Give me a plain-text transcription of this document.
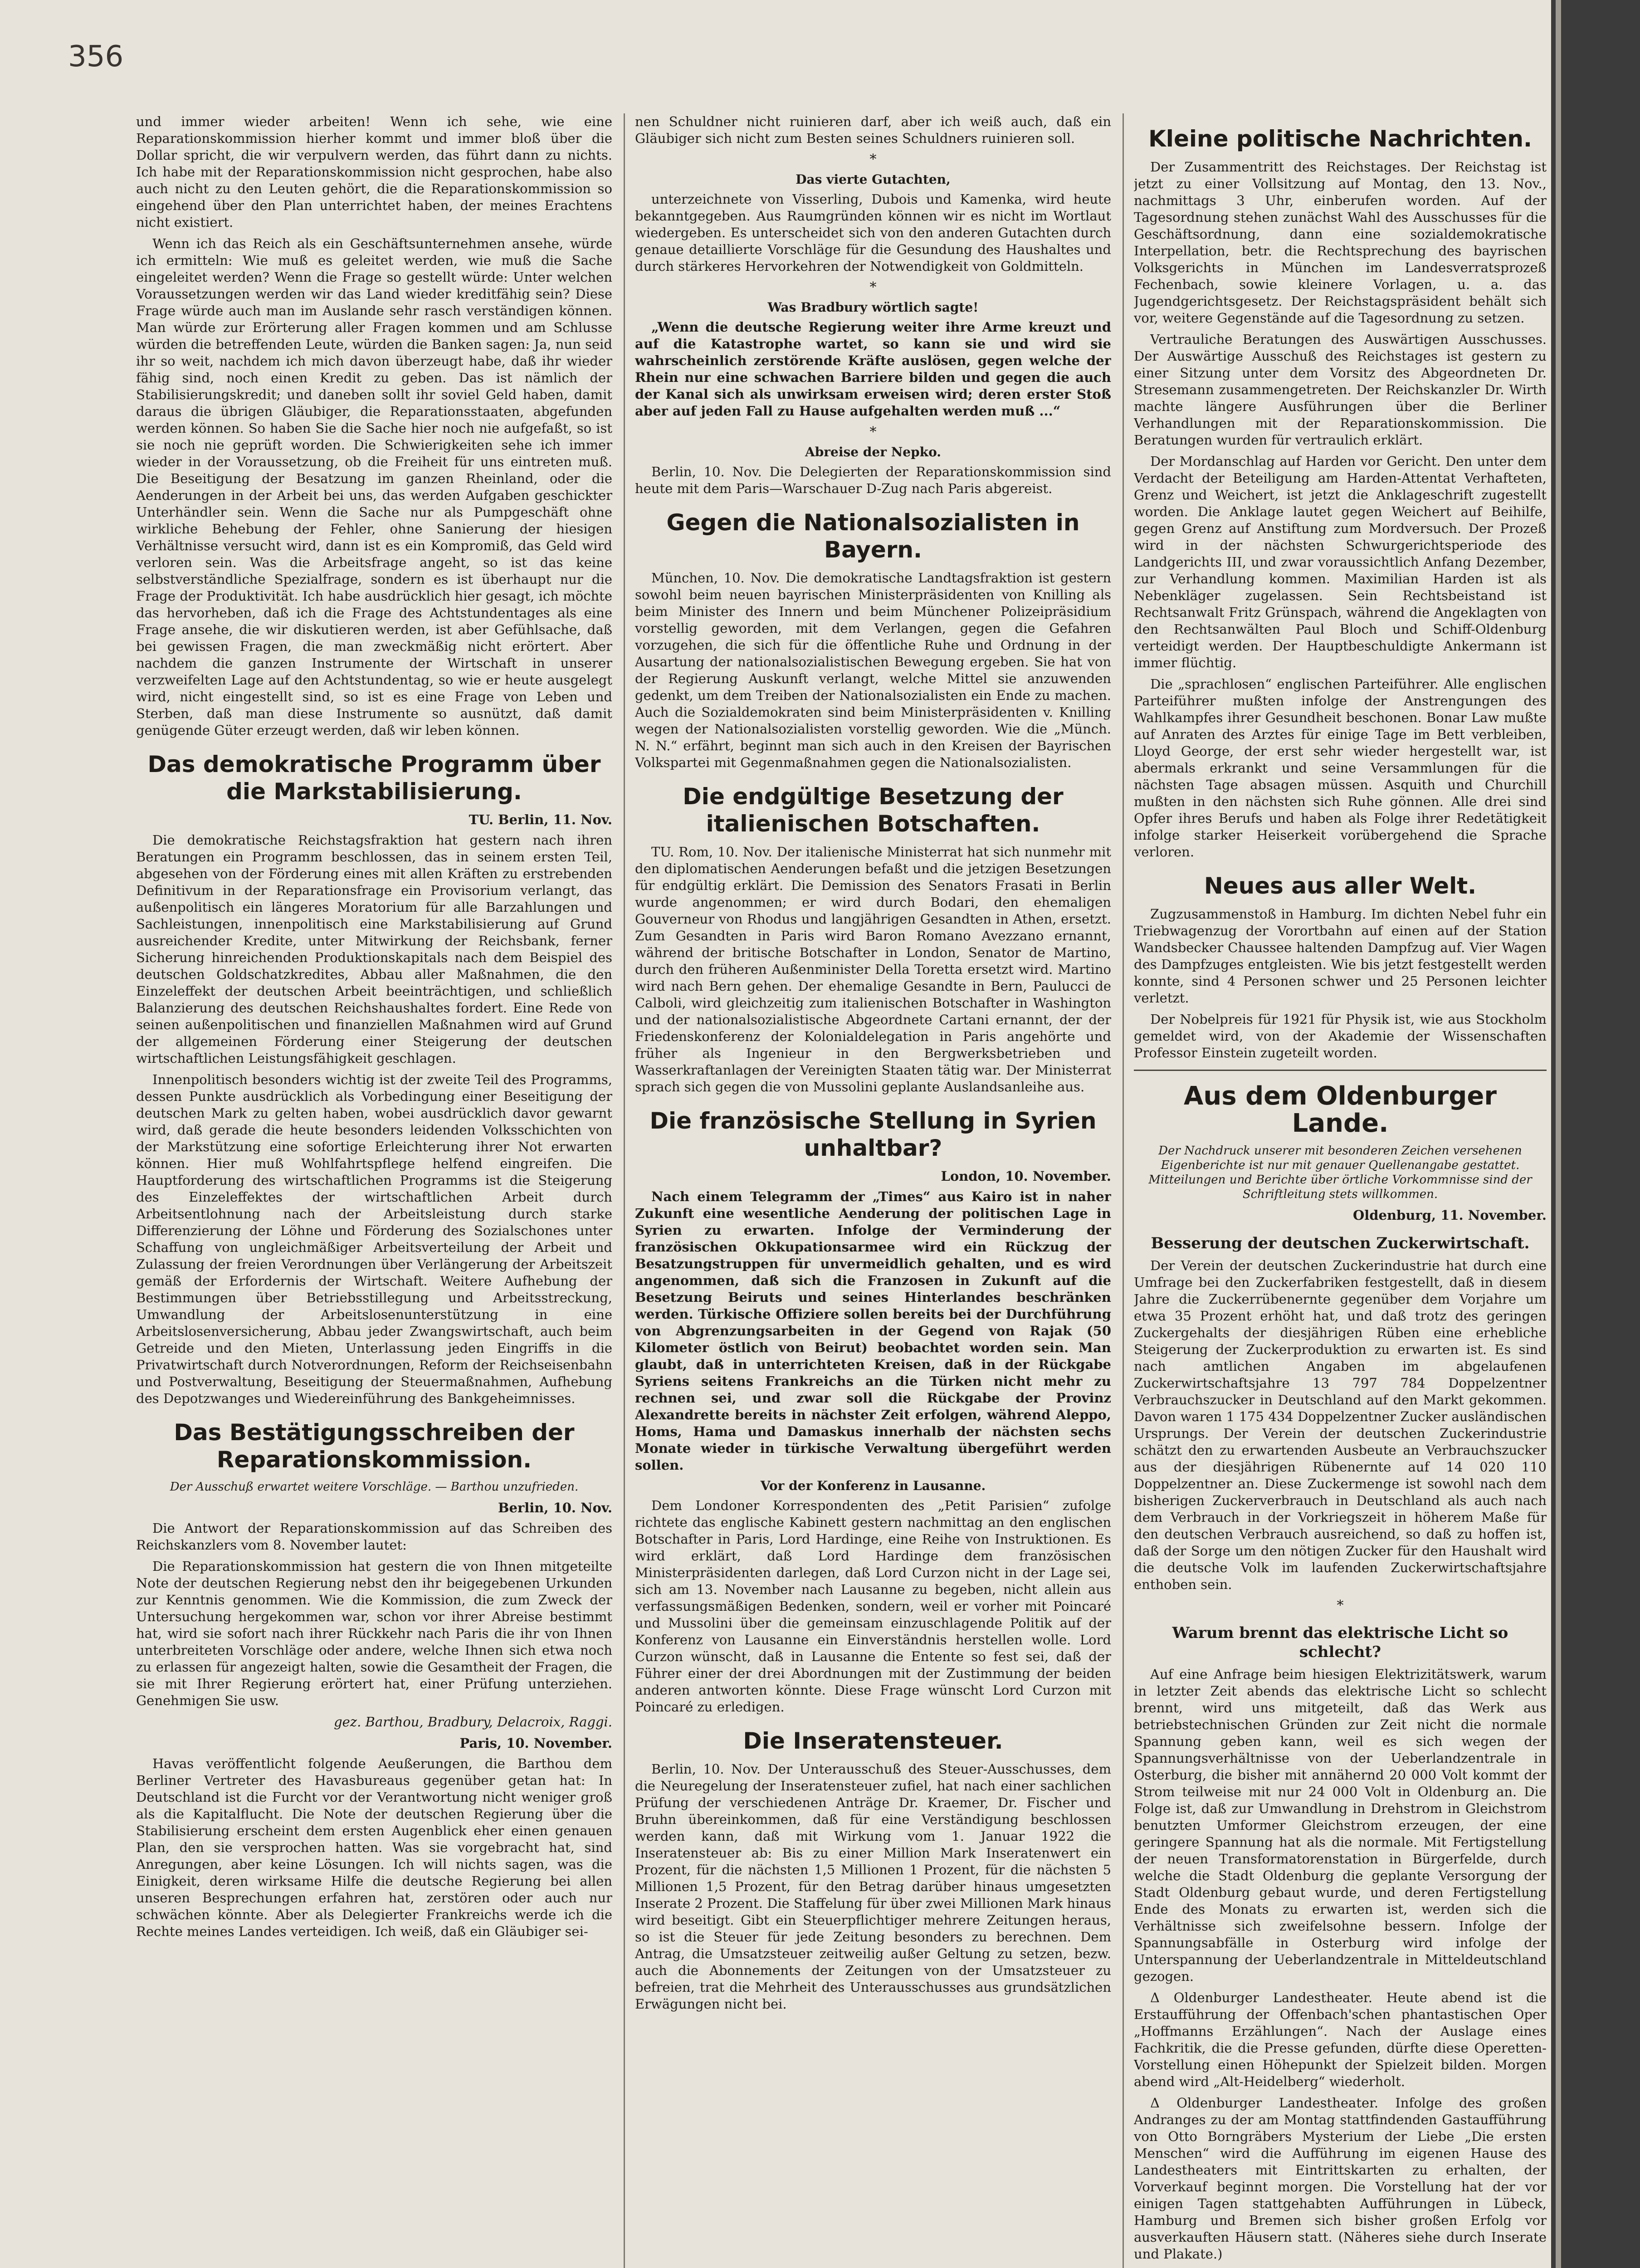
356

und immer wieder arbeiten! Wenn ich sehe, wie eine Reparationskommission hierher kommt und immer bloß über die Dollar spricht, die wir verpulvern werden, das führt dann zu nichts. Ich habe mit der Reparationskommission nicht gesprochen, habe also auch nicht zu den Leuten gehört, die die Reparationskommission so eingehend über den Plan unterrichtet haben, der meines Erachtens nicht existiert.

Wenn ich das Reich als ein Geschäftsunternehmen ansehe, würde ich ermitteln: Wie muß es geleitet werden, wie muß die Sache eingeleitet werden? Wenn die Frage so gestellt würde: Unter welchen Voraussetzungen werden wir das Land wieder kreditfähig sein? Diese Frage würde auch man im Auslande sehr rasch verständigen können. Man würde zur Erörterung aller Fragen kommen und am Schlusse würden die betreffenden Leute, würden die Banken sagen: Ja, nun seid ihr so weit, nachdem ich mich davon überzeugt habe, daß ihr wieder fähig sind, noch einen Kredit zu geben. Das ist nämlich der Stabilisierungskredit; und daneben sollt ihr soviel Geld haben, damit daraus die übrigen Gläubiger, die Reparationsstaaten, abgefunden werden können. So haben Sie die Sache hier noch nie aufgefaßt, so ist sie noch nie geprüft worden. Die Schwierigkeiten sehe ich immer wieder in der Voraussetzung, ob die Freiheit für uns eintreten muß. Die Beseitigung der Besatzung im ganzen Rheinland, oder die Aenderungen in der Arbeit bei uns, das werden Aufgaben geschickter Unterhändler sein. Wenn die Sache nur als Pumpgeschäft ohne wirkliche Behebung der Fehler, ohne Sanierung der hiesigen Verhältnisse versucht wird, dann ist es ein Kompromiß, das Geld wird verloren sein. Was die Arbeitsfrage angeht, so ist das keine selbstverständliche Spezialfrage, sondern es ist überhaupt nur die Frage der Produktivität. Ich habe ausdrücklich hier gesagt, ich möchte das hervorheben, daß ich die Frage des Achtstundentages als eine Frage ansehe, die wir diskutieren werden, ist aber Gefühlsache, daß bei gewissen Fragen, die man zweckmäßig nicht erörtert. Aber nachdem die ganzen Instrumente der Wirtschaft in unserer verzweifelten Lage auf den Achtstundentag, so wie er heute ausgelegt wird, nicht eingestellt sind, so ist es eine Frage von Leben und Sterben, daß man diese Instrumente so ausnützt, daß damit genügende Güter erzeugt werden, daß wir leben können.

Das demokratische Programm über die Markstabilisierung.
TU. Berlin, 11. Nov.

Die demokratische Reichstagsfraktion hat gestern nach ihren Beratungen ein Programm beschlossen, das in seinem ersten Teil, abgesehen von der Förderung eines mit allen Kräften zu erstrebenden Definitivum in der Reparationsfrage ein Provisorium verlangt, das außenpolitisch ein längeres Moratorium für alle Barzahlungen und Sachleistungen, innenpolitisch eine Markstabilisierung auf Grund ausreichender Kredite, unter Mitwirkung der Reichsbank, ferner Sicherung hinreichenden Produktionskapitals nach dem Beispiel des deutschen Goldschatzkredites, Abbau aller Maßnahmen, die den Einzeleffekt der deutschen Arbeit beeinträchtigen, und schließlich Balanzierung des deutschen Reichshaushaltes fordert. Eine Rede von seinen außenpolitischen und finanziellen Maßnahmen wird auf Grund der allgemeinen Förderung einer Steigerung der deutschen wirtschaftlichen Leistungsfähigkeit geschlagen.

Innenpolitisch besonders wichtig ist der zweite Teil des Programms, dessen Punkte ausdrücklich als Vorbedingung einer Beseitigung der deutschen Mark zu gelten haben, wobei ausdrücklich davor gewarnt wird, daß gerade die heute besonders leidenden Volksschichten von der Markstützung eine sofortige Erleichterung ihrer Not erwarten können. Hier muß Wohlfahrtspflege helfend eingreifen. Die Hauptforderung des wirtschaftlichen Programms ist die Steigerung des Einzeleffektes der wirtschaftlichen Arbeit durch Arbeitsentlohnung nach der Arbeitsleistung durch starke Differenzierung der Löhne und Förderung des Sozialschones unter Schaffung von ungleichmäßiger Arbeitsverteilung der Arbeit und Zulassung der freien Verordnungen über Verlängerung der Arbeitszeit gemäß der Erfordernis der Wirtschaft. Weitere Aufhebung der Bestimmungen über Betriebsstillegung und Arbeitsstreckung, Umwandlung der Arbeitslosenunterstützung in eine Arbeitslosenversicherung, Abbau jeder Zwangswirtschaft, auch beim Getreide und den Mieten, Unterlassung jeden Eingriffs in die Privatwirtschaft durch Notverordnungen, Reform der Reichseisenbahn und Postverwaltung, Beseitigung der Steuermaßnahmen, Aufhebung des Depotzwanges und Wiedereinführung des Bankgeheimnisses.

Das Bestätigungsschreiben der Reparationskommission.
Der Ausschuß erwartet weitere Vorschläge. — Barthou unzufrieden.
Berlin, 10. Nov.

Die Antwort der Reparationskommission auf das Schreiben des Reichskanzlers vom 8. November lautet:

Die Reparationskommission hat gestern die von Ihnen mitgeteilte Note der deutschen Regierung nebst den ihr beigegebenen Urkunden zur Kenntnis genommen. Wie die Kommission, die zum Zweck der Untersuchung hergekommen war, schon vor ihrer Abreise bestimmt hat, wird sie sofort nach ihrer Rückkehr nach Paris die ihr von Ihnen unterbreiteten Vorschläge oder andere, welche Ihnen sich etwa noch zu erlassen für angezeigt halten, sowie die Gesamtheit der Fragen, die sie mit Ihrer Regierung erörtert hat, einer Prüfung unterziehen. Genehmigen Sie usw.

gez. Barthou, Bradbury, Delacroix, Raggi.
Paris, 10. November.

Havas veröffentlicht folgende Aeußerungen, die Barthou dem Berliner Vertreter des Havasbureaus gegenüber getan hat: In Deutschland ist die Furcht vor der Verantwortung nicht weniger groß als die Kapitalflucht. Die Note der deutschen Regierung über die Stabilisierung erscheint dem ersten Augenblick eher einen genauen Plan, den sie versprochen hatten. Was sie vorgebracht hat, sind Anregungen, aber keine Lösungen. Ich will nichts sagen, was die Einigkeit, deren wirksame Hilfe die deutsche Regierung bei allen unseren Besprechungen erfahren hat, zerstören oder auch nur schwächen könnte. Aber als Delegierter Frankreichs werde ich die Rechte meines Landes verteidigen. Ich weiß, daß ein Gläubiger sei-

nen Schuldner nicht ruinieren darf, aber ich weiß auch, daß ein Gläubiger sich nicht zum Besten seines Schuldners ruinieren soll.

*
Das vierte Gutachten,

unterzeichnete von Visserling, Dubois und Kamenka, wird heute bekanntgegeben. Aus Raumgründen können wir es nicht im Wortlaut wiedergeben. Es unterscheidet sich von den anderen Gutachten durch genaue detaillierte Vorschläge für die Gesundung des Haushaltes und durch stärkeres Hervorkehren der Notwendigkeit von Goldmitteln.

*
Was Bradbury wörtlich sagte!

„Wenn die deutsche Regierung weiter ihre Arme kreuzt und auf die Katastrophe wartet, so kann sie und wird sie wahrscheinlich zerstörende Kräfte auslösen, gegen welche der Rhein nur eine schwachen Barriere bilden und gegen die auch der Kanal sich als unwirksam erweisen wird; deren erster Stoß aber auf jeden Fall zu Hause aufgehalten werden muß ...“

*
Abreise der Nepko.

Berlin, 10. Nov. Die Delegierten der Reparationskommission sind heute mit dem Paris—Warschauer D-Zug nach Paris abgereist.

Gegen die Nationalsozialisten in Bayern.

München, 10. Nov. Die demokratische Landtagsfraktion ist gestern sowohl beim neuen bayrischen Ministerpräsidenten von Knilling als beim Minister des Innern und beim Münchener Polizeipräsidium vorstellig geworden, mit dem Verlangen, gegen die Gefahren vorzugehen, die sich für die öffentliche Ruhe und Ordnung in der Ausartung der nationalsozialistischen Bewegung ergeben. Sie hat von der Regierung Auskunft verlangt, welche Mittel sie anzuwenden gedenkt, um dem Treiben der Nationalsozialisten ein Ende zu machen. Auch die Sozialdemokraten sind beim Ministerpräsidenten v. Knilling wegen der Nationalsozialisten vorstellig geworden. Wie die „Münch. N. N.“ erfährt, beginnt man sich auch in den Kreisen der Bayrischen Volkspartei mit Gegenmaßnahmen gegen die Nationalsozialisten.

Die endgültige Besetzung der italienischen Botschaften.

TU. Rom, 10. Nov. Der italienische Ministerrat hat sich nunmehr mit den diplomatischen Aenderungen befaßt und die jetzigen Besetzungen für endgültig erklärt. Die Demission des Senators Frasati in Berlin wurde angenommen; er wird durch Bodari, den ehemaligen Gouverneur von Rhodus und langjährigen Gesandten in Athen, ersetzt. Zum Gesandten in Paris wird Baron Romano Avezzano ernannt, während der britische Botschafter in London, Senator de Martino, durch den früheren Außenminister Della Toretta ersetzt wird. Martino wird nach Bern gehen. Der ehemalige Gesandte in Bern, Paulucci de Calboli, wird gleichzeitig zum italienischen Botschafter in Washington und der nationalsozialistische Abgeordnete Cartani ernannt, der der Friedenskonferenz der Kolonialdelegation in Paris angehörte und früher als Ingenieur in den Bergwerksbetrieben und Wasserkraftanlagen der Vereinigten Staaten tätig war. Der Ministerrat sprach sich gegen die von Mussolini geplante Auslandsanleihe aus.

Die französische Stellung in Syrien unhaltbar?
London, 10. November.

Nach einem Telegramm der „Times“ aus Kairo ist in naher Zukunft eine wesentliche Aenderung der politischen Lage in Syrien zu erwarten. Infolge der Verminderung der französischen Okkupationsarmee wird ein Rückzug der Besatzungstruppen für unvermeidlich gehalten, und es wird angenommen, daß sich die Franzosen in Zukunft auf die Besetzung Beiruts und seines Hinterlandes beschränken werden. Türkische Offiziere sollen bereits bei der Durchführung von Abgrenzungsarbeiten in der Gegend von Rajak (50 Kilometer östlich von Beirut) beobachtet worden sein. Man glaubt, daß in unterrichteten Kreisen, daß in der Rückgabe Syriens seitens Frankreichs an die Türken nicht mehr zu rechnen sei, und zwar soll die Rückgabe der Provinz Alexandrette bereits in nächster Zeit erfolgen, während Aleppo, Homs, Hama und Damaskus innerhalb der nächsten sechs Monate wieder in türkische Verwaltung übergeführt werden sollen.

Vor der Konferenz in Lausanne.

Dem Londoner Korrespondenten des „Petit Parisien“ zufolge richtete das englische Kabinett gestern nachmittag an den englischen Botschafter in Paris, Lord Hardinge, eine Reihe von Instruktionen. Es wird erklärt, daß Lord Hardinge dem französischen Ministerpräsidenten darlegen, daß Lord Curzon nicht in der Lage sei, sich am 13. November nach Lausanne zu begeben, nicht allein aus verfassungsmäßigen Bedenken, sondern, weil er vorher mit Poincaré und Mussolini über die gemeinsam einzuschlagende Politik auf der Konferenz von Lausanne ein Einverständnis herstellen wolle. Lord Curzon wünscht, daß in Lausanne die Entente so fest sei, daß der Führer einer der drei Abordnungen mit der Zustimmung der beiden anderen antworten könnte. Diese Frage wünscht Lord Curzon mit Poincaré zu erledigen.

Die Inseratensteuer.

Berlin, 10. Nov. Der Unterausschuß des Steuer-Ausschusses, dem die Neuregelung der Inseratensteuer zufiel, hat nach einer sachlichen Prüfung der verschiedenen Anträge Dr. Kraemer, Dr. Fischer und Bruhn übereinkommen, daß für eine Verständigung beschlossen werden kann, daß mit Wirkung vom 1. Januar 1922 die Inseratensteuer ab: Bis zu einer Million Mark Inseratenwert ein Prozent, für die nächsten 1,5 Millionen 1 Prozent, für die nächsten 5 Millionen 1,5 Prozent, für den Betrag darüber hinaus umgesetzten Inserate 2 Prozent. Die Staffelung für über zwei Millionen Mark hinaus wird beseitigt. Gibt ein Steuerpflichtiger mehrere Zeitungen heraus, so ist die Steuer für jede Zeitung besonders zu berechnen. Dem Antrag, die Umsatzsteuer zeitweilig außer Geltung zu setzen, bezw. auch die Abonnements der Zeitungen von der Umsatzsteuer zu befreien, trat die Mehrheit des Unterausschusses aus grundsätzlichen Erwägungen nicht bei.

Kleine politische Nachrichten.

Der Zusammentritt des Reichstages. Der Reichstag ist jetzt zu einer Vollsitzung auf Montag, den 13. Nov., nachmittags 3 Uhr, einberufen worden. Auf der Tagesordnung stehen zunächst Wahl des Ausschusses für die Geschäftsordnung, dann eine sozialdemokratische Interpellation, betr. die Rechtsprechung des bayrischen Volksgerichts in München im Landesverratsprozeß Fechenbach, sowie kleinere Vorlagen, u. a. das Jugendgerichtsgesetz. Der Reichstagspräsident behält sich vor, weitere Gegenstände auf die Tagesordnung zu setzen.

Vertrauliche Beratungen des Auswärtigen Ausschusses. Der Auswärtige Ausschuß des Reichstages ist gestern zu einer Sitzung unter dem Vorsitz des Abgeordneten Dr. Stresemann zusammengetreten. Der Reichskanzler Dr. Wirth machte längere Ausführungen über die Berliner Verhandlungen mit der Reparationskommission. Die Beratungen wurden für vertraulich erklärt.

Der Mordanschlag auf Harden vor Gericht. Den unter dem Verdacht der Beteiligung am Harden-Attentat Verhafteten, Grenz und Weichert, ist jetzt die Anklageschrift zugestellt worden. Die Anklage lautet gegen Weichert auf Beihilfe, gegen Grenz auf Anstiftung zum Mordversuch. Der Prozeß wird in der nächsten Schwurgerichtsperiode des Landgerichts III, und zwar voraussichtlich Anfang Dezember, zur Verhandlung kommen. Maximilian Harden ist als Nebenkläger zugelassen. Sein Rechtsbeistand ist Rechtsanwalt Fritz Grünspach, während die Angeklagten von den Rechtsanwälten Paul Bloch und Schiff-Oldenburg verteidigt werden. Der Hauptbeschuldigte Ankermann ist immer flüchtig.

Die „sprachlosen“ englischen Parteiführer. Alle englischen Parteiführer mußten infolge der Anstrengungen des Wahlkampfes ihrer Gesundheit beschonen. Bonar Law mußte auf Anraten des Arztes für einige Tage im Bett verbleiben, Lloyd George, der erst sehr wieder hergestellt war, ist abermals erkrankt und seine Versammlungen für die nächsten Tage absagen müssen. Asquith und Churchill mußten in den nächsten sich Ruhe gönnen. Alle drei sind Opfer ihres Berufs und haben als Folge ihrer Redetätigkeit infolge starker Heiserkeit vorübergehend die Sprache verloren.

Neues aus aller Welt.

Zugzusammenstoß in Hamburg. Im dichten Nebel fuhr ein Triebwagenzug der Vorortbahn auf einen auf der Station Wandsbecker Chaussee haltenden Dampfzug auf. Vier Wagen des Dampfzuges entgleisten. Wie bis jetzt festgestellt werden konnte, sind 4 Personen schwer und 25 Personen leichter verletzt.

Der Nobelpreis für 1921 für Physik ist, wie aus Stockholm gemeldet wird, von der Akademie der Wissenschaften Professor Einstein zugeteilt worden.

Aus dem Oldenburger Lande.
Der Nachdruck unserer mit besonderen Zeichen versehenen Eigenberichte ist nur mit genauer Quellenangabe gestattet. Mitteilungen und Berichte über örtliche Vorkommnisse sind der Schriftleitung stets willkommen.
Oldenburg, 11. November.
Besserung der deutschen Zuckerwirtschaft.

Der Verein der deutschen Zuckerindustrie hat durch eine Umfrage bei den Zuckerfabriken festgestellt, daß in diesem Jahre die Zuckerrübenernte gegenüber dem Vorjahre um etwa 35 Prozent erhöht hat, und daß trotz des geringen Zuckergehalts der diesjährigen Rüben eine erhebliche Steigerung der Zuckerproduktion zu erwarten ist. Es sind nach amtlichen Angaben im abgelaufenen Zuckerwirtschaftsjahre 13 797 784 Doppelzentner Verbrauchszucker in Deutschland auf den Markt gekommen. Davon waren 1 175 434 Doppelzentner Zucker ausländischen Ursprungs. Der Verein der deutschen Zuckerindustrie schätzt den zu erwartenden Ausbeute an Verbrauchszucker aus der diesjährigen Rübenernte auf 14 020 110 Doppelzentner an. Diese Zuckermenge ist sowohl nach dem bisherigen Zuckerverbrauch in Deutschland als auch nach dem Verbrauch in der Vorkriegszeit in höherem Maße für den deutschen Verbrauch ausreichend, so daß zu hoffen ist, daß der Sorge um den nötigen Zucker für den Haushalt wird die deutsche Volk im laufenden Zuckerwirtschaftsjahre enthoben sein.

*
Warum brennt das elektrische Licht so schlecht?

Auf eine Anfrage beim hiesigen Elektrizitätswerk, warum in letzter Zeit abends das elektrische Licht so schlecht brennt, wird uns mitgeteilt, daß das Werk aus betriebstechnischen Gründen zur Zeit nicht die normale Spannung geben kann, weil es sich wegen der Spannungsverhältnisse von der Ueberlandzentrale in Osterburg, die bisher mit annähernd 20 000 Volt kommt der Strom teilweise mit nur 24 000 Volt in Oldenburg an. Die Folge ist, daß zur Umwandlung in Drehstrom in Gleichstrom benutzten Umformer Gleichstrom erzeugen, der eine geringere Spannung hat als die normale. Mit Fertigstellung der neuen Transformatorenstation in Bürgerfelde, durch welche die Stadt Oldenburg die geplante Versorgung der Stadt Oldenburg gebaut wurde, und deren Fertigstellung Ende des Monats zu erwarten ist, werden sich die Verhältnisse sich zweifelsohne bessern. Infolge der Spannungsabfälle in Osterburg wird infolge der Unterspannung der Ueberlandzentrale in Mitteldeutschland gezogen.

Δ Oldenburger Landestheater. Heute abend ist die Erstaufführung der Offenbach'schen phantastischen Oper „Hoffmanns Erzählungen“. Nach der Auslage eines Fachkritik, die die Presse gefunden, dürfte diese Operetten-Vorstellung einen Höhepunkt der Spielzeit bilden. Morgen abend wird „Alt-Heidelberg“ wiederholt.

Δ Oldenburger Landestheater. Infolge des großen Andranges zu der am Montag stattfindenden Gastaufführung von Otto Borngräbers Mysterium der Liebe „Die ersten Menschen“ wird die Aufführung im eigenen Hause des Landestheaters mit Eintrittskarten zu erhalten, der Vorverkauf beginnt morgen. Die Vorstellung hat der vor einigen Tagen stattgehabten Aufführungen in Lübeck, Hamburg und Bremen sich bisher großen Erfolg vor ausverkauften Häusern statt. (Näheres siehe durch Inserate und Plakate.)
